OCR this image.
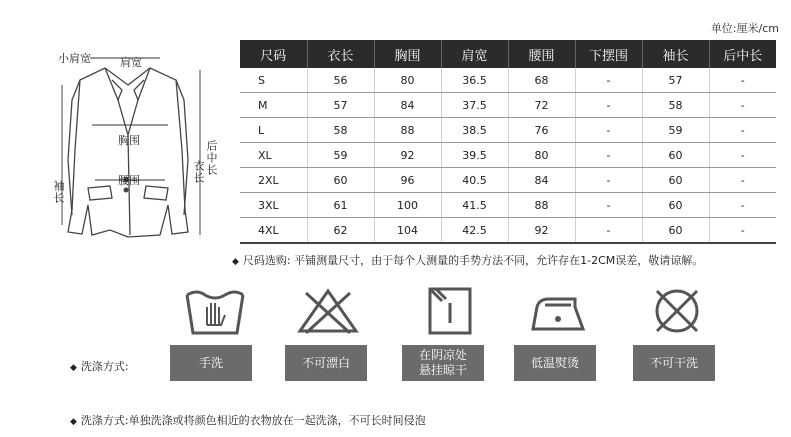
单位:厘米/cm
小肩宽	肩宽
胸围
腰围
袖长
后中长
衣长
尺码	衣长	胸围	肩宽	腰围	下摆围	袖长	后中长
S	56	80	36.5	68	-	57	-
M	57	84	37.5	72	-	58	-
L	58	88	38.5	76	-	59	-
XL	59	92	39.5	80	-	60	-
2XL	60	96	40.5	84	-	60	-
3XL	61	100	41.5	88	-	60	-
4XL	62	104	42.5	92	-	60	-
◆ 尺码选购: 平铺测量尺寸，由于每个人测量的手势方法不同，允许存在1-2CM误差，敬请谅解。
◆ 洗涤方式:	手洗	不可漂白
在阴凉处
悬挂晾干
低温熨烫	不可干洗
◆ 洗涤方式:单独洗涤或将颜色相近的衣物放在一起洗涤，不可长时间侵泡
